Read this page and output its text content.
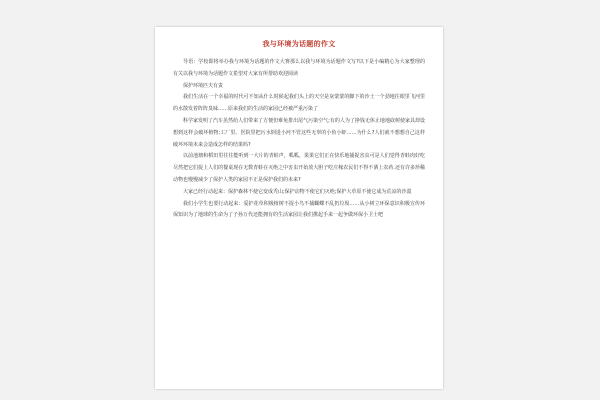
我与环境为话题的作文

导语：学校即将举办我与环境为话题的作文大赛那么以我与环境为话题作文写?以下是小编精心为大家整理的有关以我与环境为话题作文希望对大家有所帮助欢迎阅读

保护环境匹夫有责

我们生活在一个幸福的时代可不知从什么时候起我们头上的天空是灰蒙蒙的脚下的沙土一个劲地往眼里飞河里的水散发着阵阵臭味……原来我们的生活的家园已经被严重污染了

科学家发明了汽车虽然给人们带来了方便但难免排出尾气污染空气;有的人为了挣钱无休止地地砍树使家具却设想到这样会破坏植物;工厂里、医院里把污水倒进小河不管这些无辜的小鱼小虾……为什么?人们就不想想自己这样破坏环境未来会造成怎样的结果吗?

以前池塘和稻田里往往能听到一大片的青蛙声，呱呱，果果它们正在快乐地捕捉害虫可是人们觉得青蛙肉好吃尽然把它们捉上人们的餐桌现在无数青蛙在灭绝之中害虫开始放大胆子吃庄稼农民们不得不洒上农药.还有许多珍稀动物也慢慢减少了保护人类的家园不正是保护我们的未来?

大家已经行动起来：保护森林不使它变成秃山;保护动物不使它们灭绝;保护大草原不使它成为荒凉的沙漠

我们小学生也要行动起来：爱护花草积极植树不捉小鸟不捕蝴蝶不乱扔垃圾……从小树立环保意识积极宣传环保知识为了地球的生命为了子孙万代还能拥有的生活家园让我们携起手来一起争做环保小卫士吧
